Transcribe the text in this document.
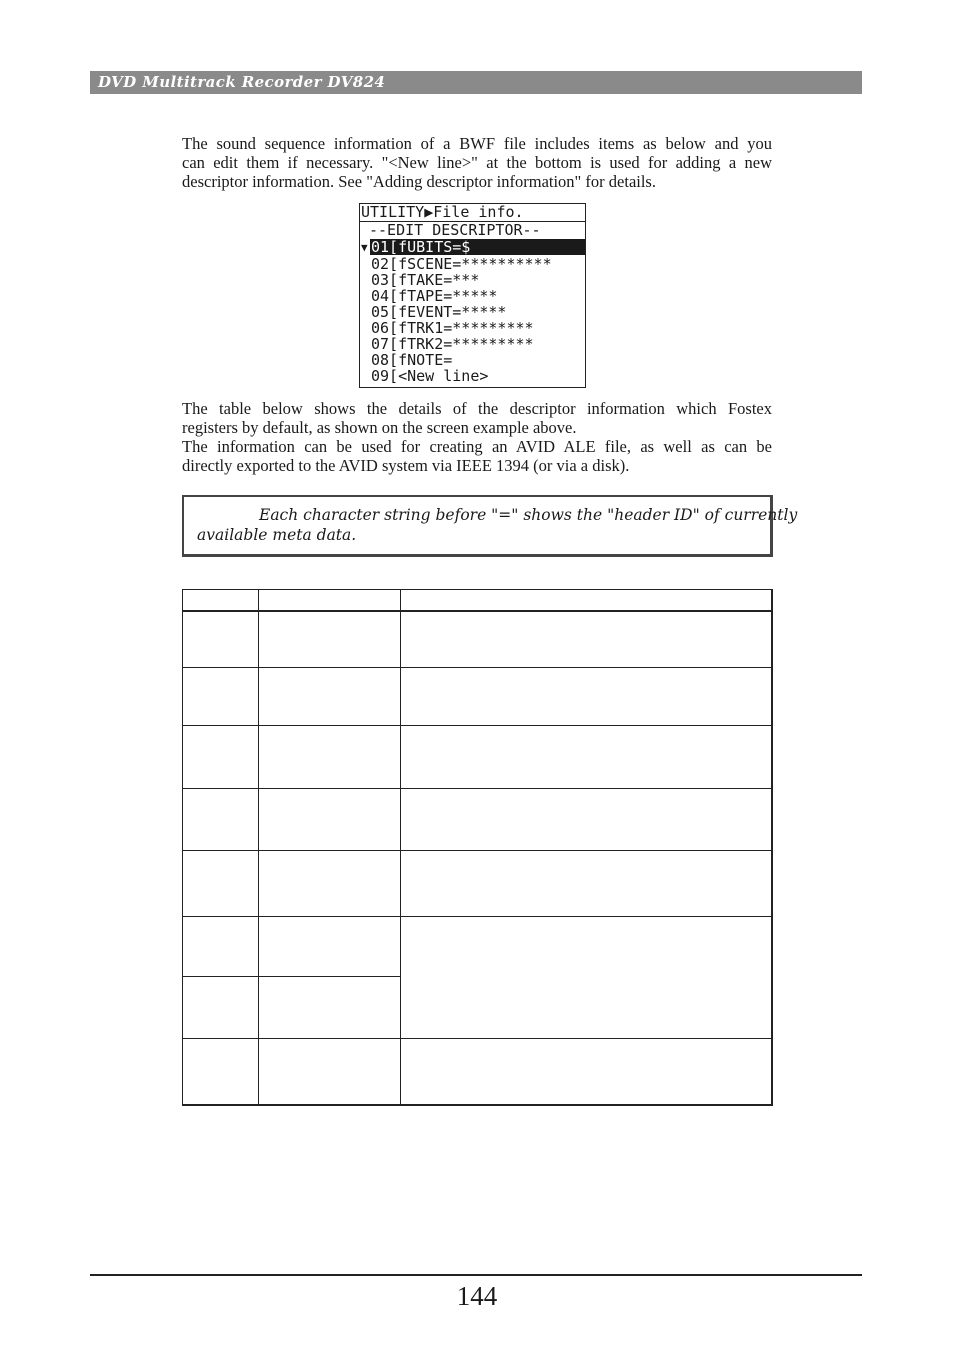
DVD Multitrack Recorder DV824

The sound sequence information of a BWF file includes items as below and you
can edit them if necessary. "<New line>" at the bottom is used for adding a new
descriptor information. See "Adding descriptor information" for details.

UTILITY▶File info.
--EDIT DESCRIPTOR--
▼ 01[fUBITS=$
02[fSCENE=**********
03[fTAKE=***
04[fTAPE=*****
05[fEVENT=*****
06[fTRK1=*********
07[fTRK2=*********
08[fNOTE=
09[<New line>

The table below shows the details of the descriptor information which Fostex
registers by default, as shown on the screen example above.
The information can be used for creating an AVID ALE file, as well as can be
directly exported to the AVID system via IEEE 1394 (or via a disk).

Each character string before "=" shows the "header ID" of currently
available meta data.
144
